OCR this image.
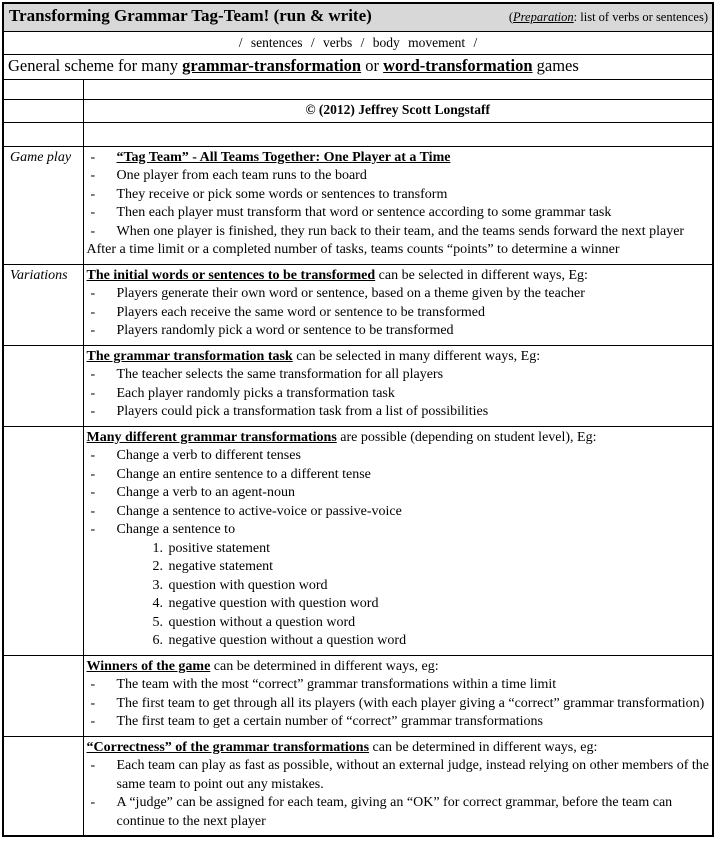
Transforming Grammar Tag-Team! (run & write) (Preparation: list of verbs or sentences)	

/ sentences / verbs / body movement /	
General scheme for many grammar-transformation or word-transformation games	

	© (2012) Jeffrey Scott Longstaff

Game play	-	“Tag Team” - All Teams Together: One Player at a Time
-	One player from each team runs to the board
-	They receive or pick some words or sentences to transform
-	Then each player must transform that word or sentence according to some grammar task
-	When one player is finished, they run back to their team, and the teams sends forward the next player
After a time limit or a completed number of tasks, teams counts “points” to determine a winner

Variations	The initial words or sentences to be transformed can be selected in different ways, Eg:
-	Players generate their own word or sentence, based on a theme given by the teacher
-	Players each receive the same word or sentence to be transformed
-	Players randomly pick a word or sentence to be transformed

The grammar transformation task can be selected in many different ways, Eg:
-	The teacher selects the same transformation for all players
-	Each player randomly picks a transformation task
-	Players could pick a transformation task from a list of possibilities

Many different grammar transformations are possible (depending on student level), Eg:
-	Change a verb to different tenses
-	Change an entire sentence to a different tense
-	Change a verb to an agent-noun
-	Change a sentence to active-voice or passive-voice
-	Change a sentence to
1. positive statement
2. negative statement
3. question with question word
4. negative question with question word
5. question without a question word
6. negative question without a question word

Winners of the game can be determined in different ways, eg:
-	The team with the most “correct” grammar transformations within a time limit
-	The first team to get through all its players (with each player giving a “correct” grammar transformation)
-	The first team to get a certain number of “correct” grammar transformations

	“Correctness” of the grammar transformations can be determined in different ways, eg:
- Each team can play as fast as possible, without an external judge, instead relying on other members of the same team to point out any mistakes.
- A “judge” can be assigned for each team, giving an “OK” for correct grammar, before the team can continue to the next player
